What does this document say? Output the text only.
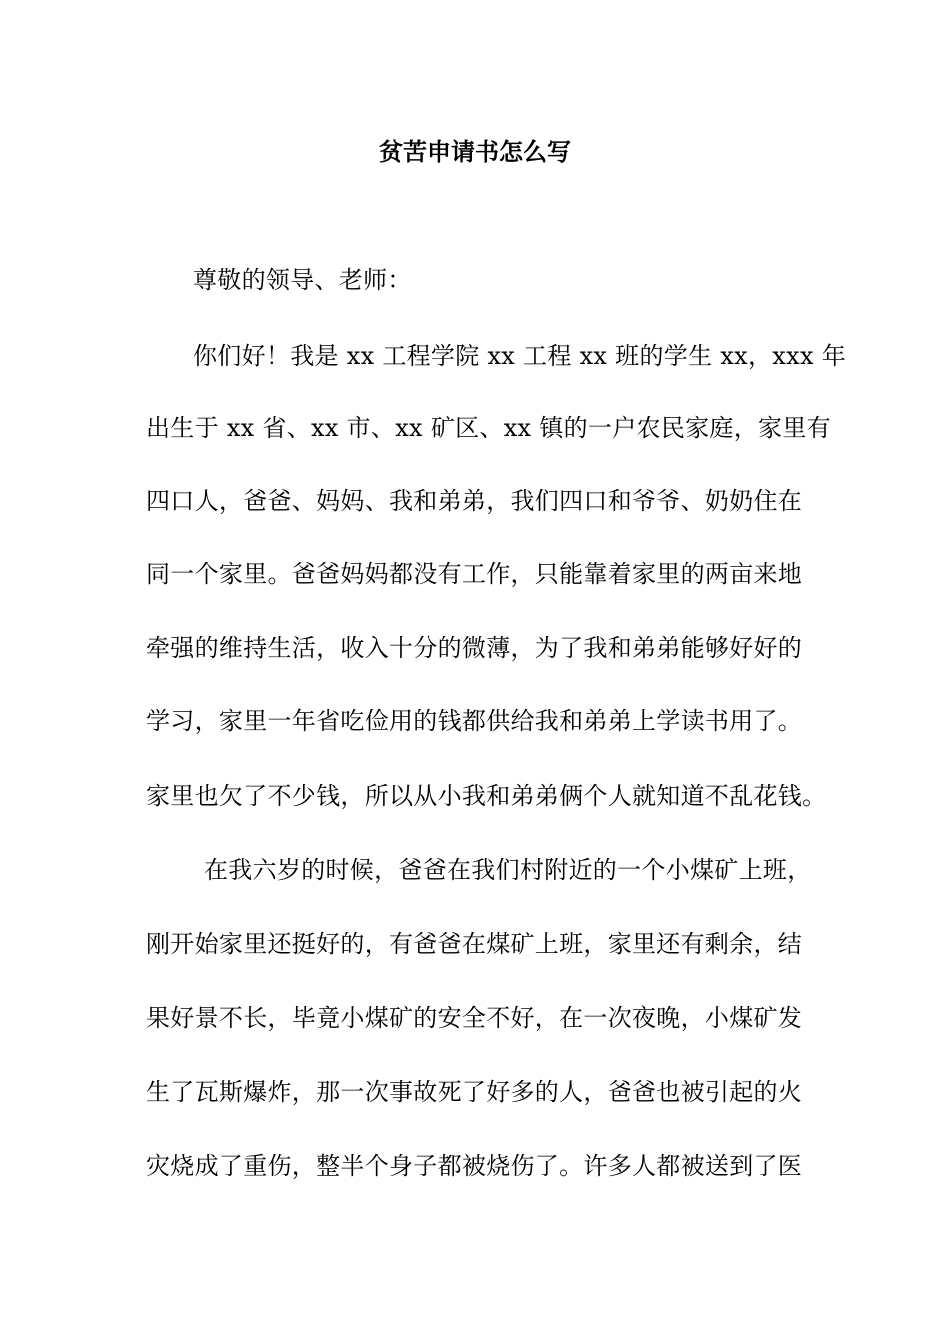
贫苦申请书怎么写
尊敬的领导、老师：
你们好！我是 xx 工程学院 xx 工程 xx 班的学生 xx，xxx 年
出生于 xx 省、xx 市、xx 矿区、xx 镇的一户农民家庭，家里有
四口人，爸爸、妈妈、我和弟弟，我们四口和爷爷、奶奶住在
同一个家里。爸爸妈妈都没有工作，只能靠着家里的两亩来地
牵强的维持生活，收入十分的微薄，为了我和弟弟能够好好的
学习，家里一年省吃俭用的钱都供给我和弟弟上学读书用了。
家里也欠了不少钱，所以从小我和弟弟俩个人就知道不乱花钱。
在我六岁的时候，爸爸在我们村附近的一个小煤矿上班，
刚开始家里还挺好的，有爸爸在煤矿上班，家里还有剩余，结
果好景不长，毕竟小煤矿的安全不好，在一次夜晚，小煤矿发
生了瓦斯爆炸，那一次事故死了好多的人，爸爸也被引起的火
灾烧成了重伤，整半个身子都被烧伤了。许多人都被送到了医
